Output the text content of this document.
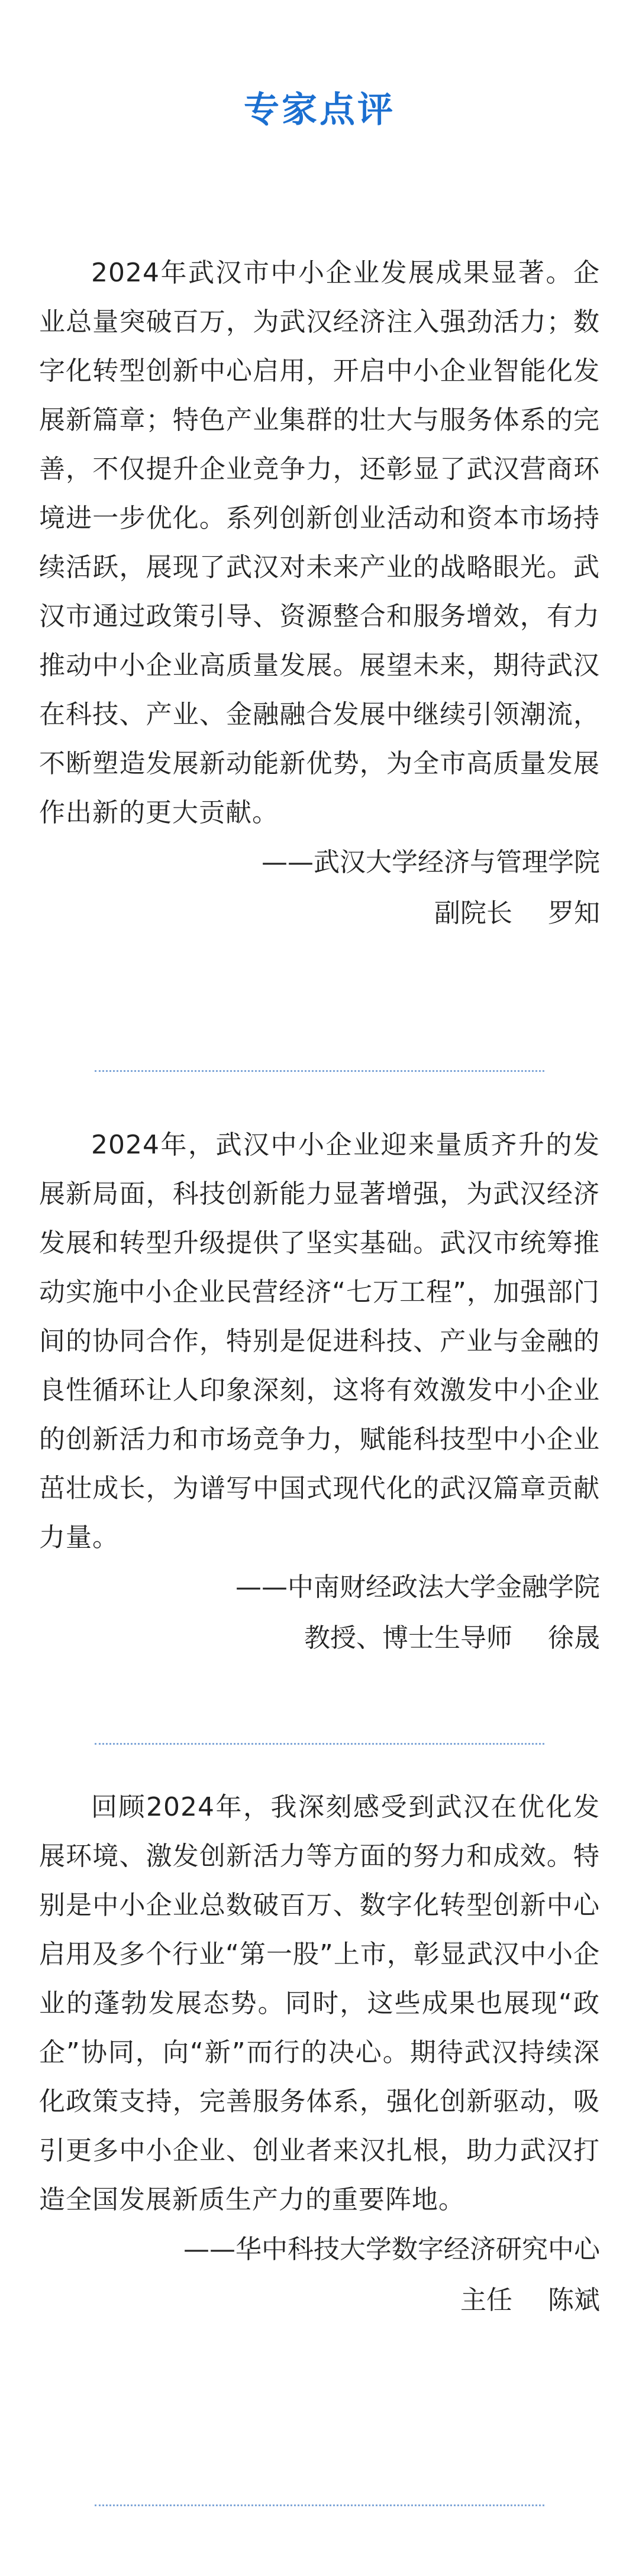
专家点评

2024年武汉市中小企业发展成果显著。企业总量突破百万，为武汉经济注入强劲活力；数字化转型创新中心启用，开启中小企业智能化发展新篇章；特色产业集群的壮大与服务体系的完善，不仅提升企业竞争力，还彰显了武汉营商环境进一步优化。系列创新创业活动和资本市场持续活跃，展现了武汉对未来产业的战略眼光。武汉市通过政策引导、资源整合和服务增效，有力推动中小企业高质量发展。展望未来，期待武汉在科技、产业、金融融合发展中继续引领潮流，不断塑造发展新动能新优势，为全市高质量发展作出新的更大贡献。

——武汉大学经济与管理学院

副院长 罗知

2024年，武汉中小企业迎来量质齐升的发展新局面，科技创新能力显著增强，为武汉经济发展和转型升级提供了坚实基础。武汉市统筹推动实施中小企业民营经济“七万工程”，加强部门间的协同合作，特别是促进科技、产业与金融的良性循环让人印象深刻，这将有效激发中小企业的创新活力和市场竞争力，赋能科技型中小企业茁壮成长，为谱写中国式现代化的武汉篇章贡献力量。

——中南财经政法大学金融学院

教授、博士生导师 徐晟

回顾2024年，我深刻感受到武汉在优化发展环境、激发创新活力等方面的努力和成效。特别是中小企业总数破百万、数字化转型创新中心启用及多个行业“第一股”上市，彰显武汉中小企业的蓬勃发展态势。同时，这些成果也展现“政企”协同，向“新”而行的决心。期待武汉持续深化政策支持，完善服务体系，强化创新驱动，吸引更多中小企业、创业者来汉扎根，助力武汉打造全国发展新质生产力的重要阵地。

——华中科技大学数字经济研究中心

主任 陈斌
